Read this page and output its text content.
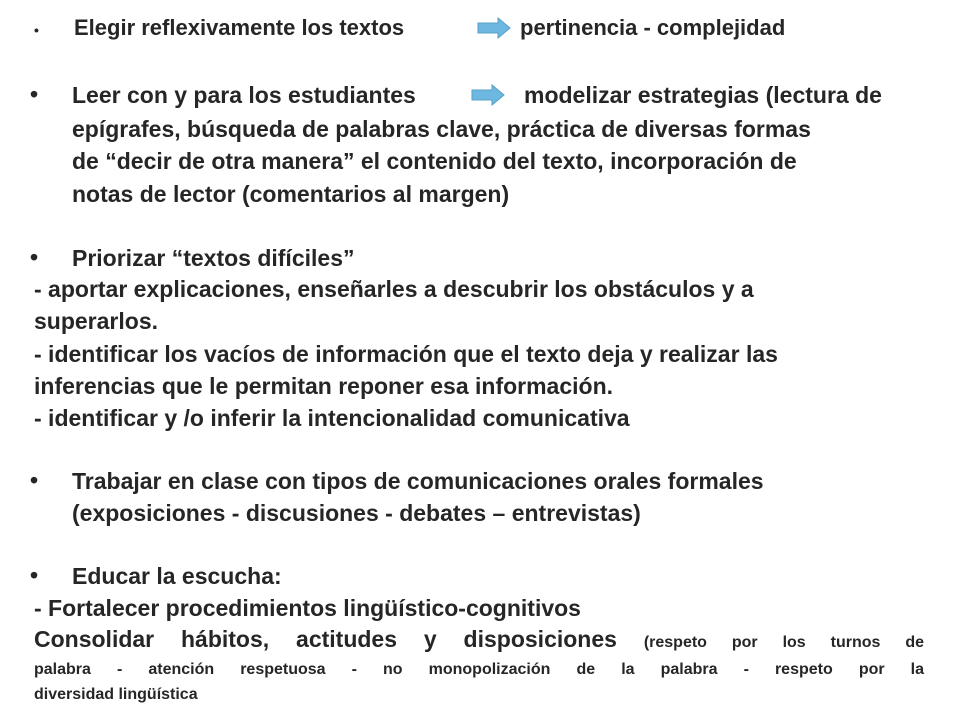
• Elegir reflexivamente los textos	pertinencia - complejidad
• Leer con y para los estudiantes	modelizar estrategias (lectura de
epígrafes, búsqueda de palabras clave, práctica de diversas formas
de “decir de otra manera” el contenido del texto, incorporación de
notas de lector (comentarios al margen)
• Priorizar “textos difíciles”
- aportar explicaciones, enseñarles a descubrir los obstáculos y a
superarlos.
- identificar los vacíos de información que el texto deja y realizar las
inferencias que le permitan reponer esa información.
- identificar y /o inferir la intencionalidad comunicativa
• Trabajar en clase con tipos de comunicaciones orales formales
(exposiciones - discusiones - debates – entrevistas)
• Educar la escucha:
- Fortalecer procedimientos lingüístico-cognitivos
Consolidar hábitos, actitudes y disposiciones (respeto por los turnos de
palabra - atención respetuosa - no monopolización de la palabra - respeto por la
diversidad lingüística
